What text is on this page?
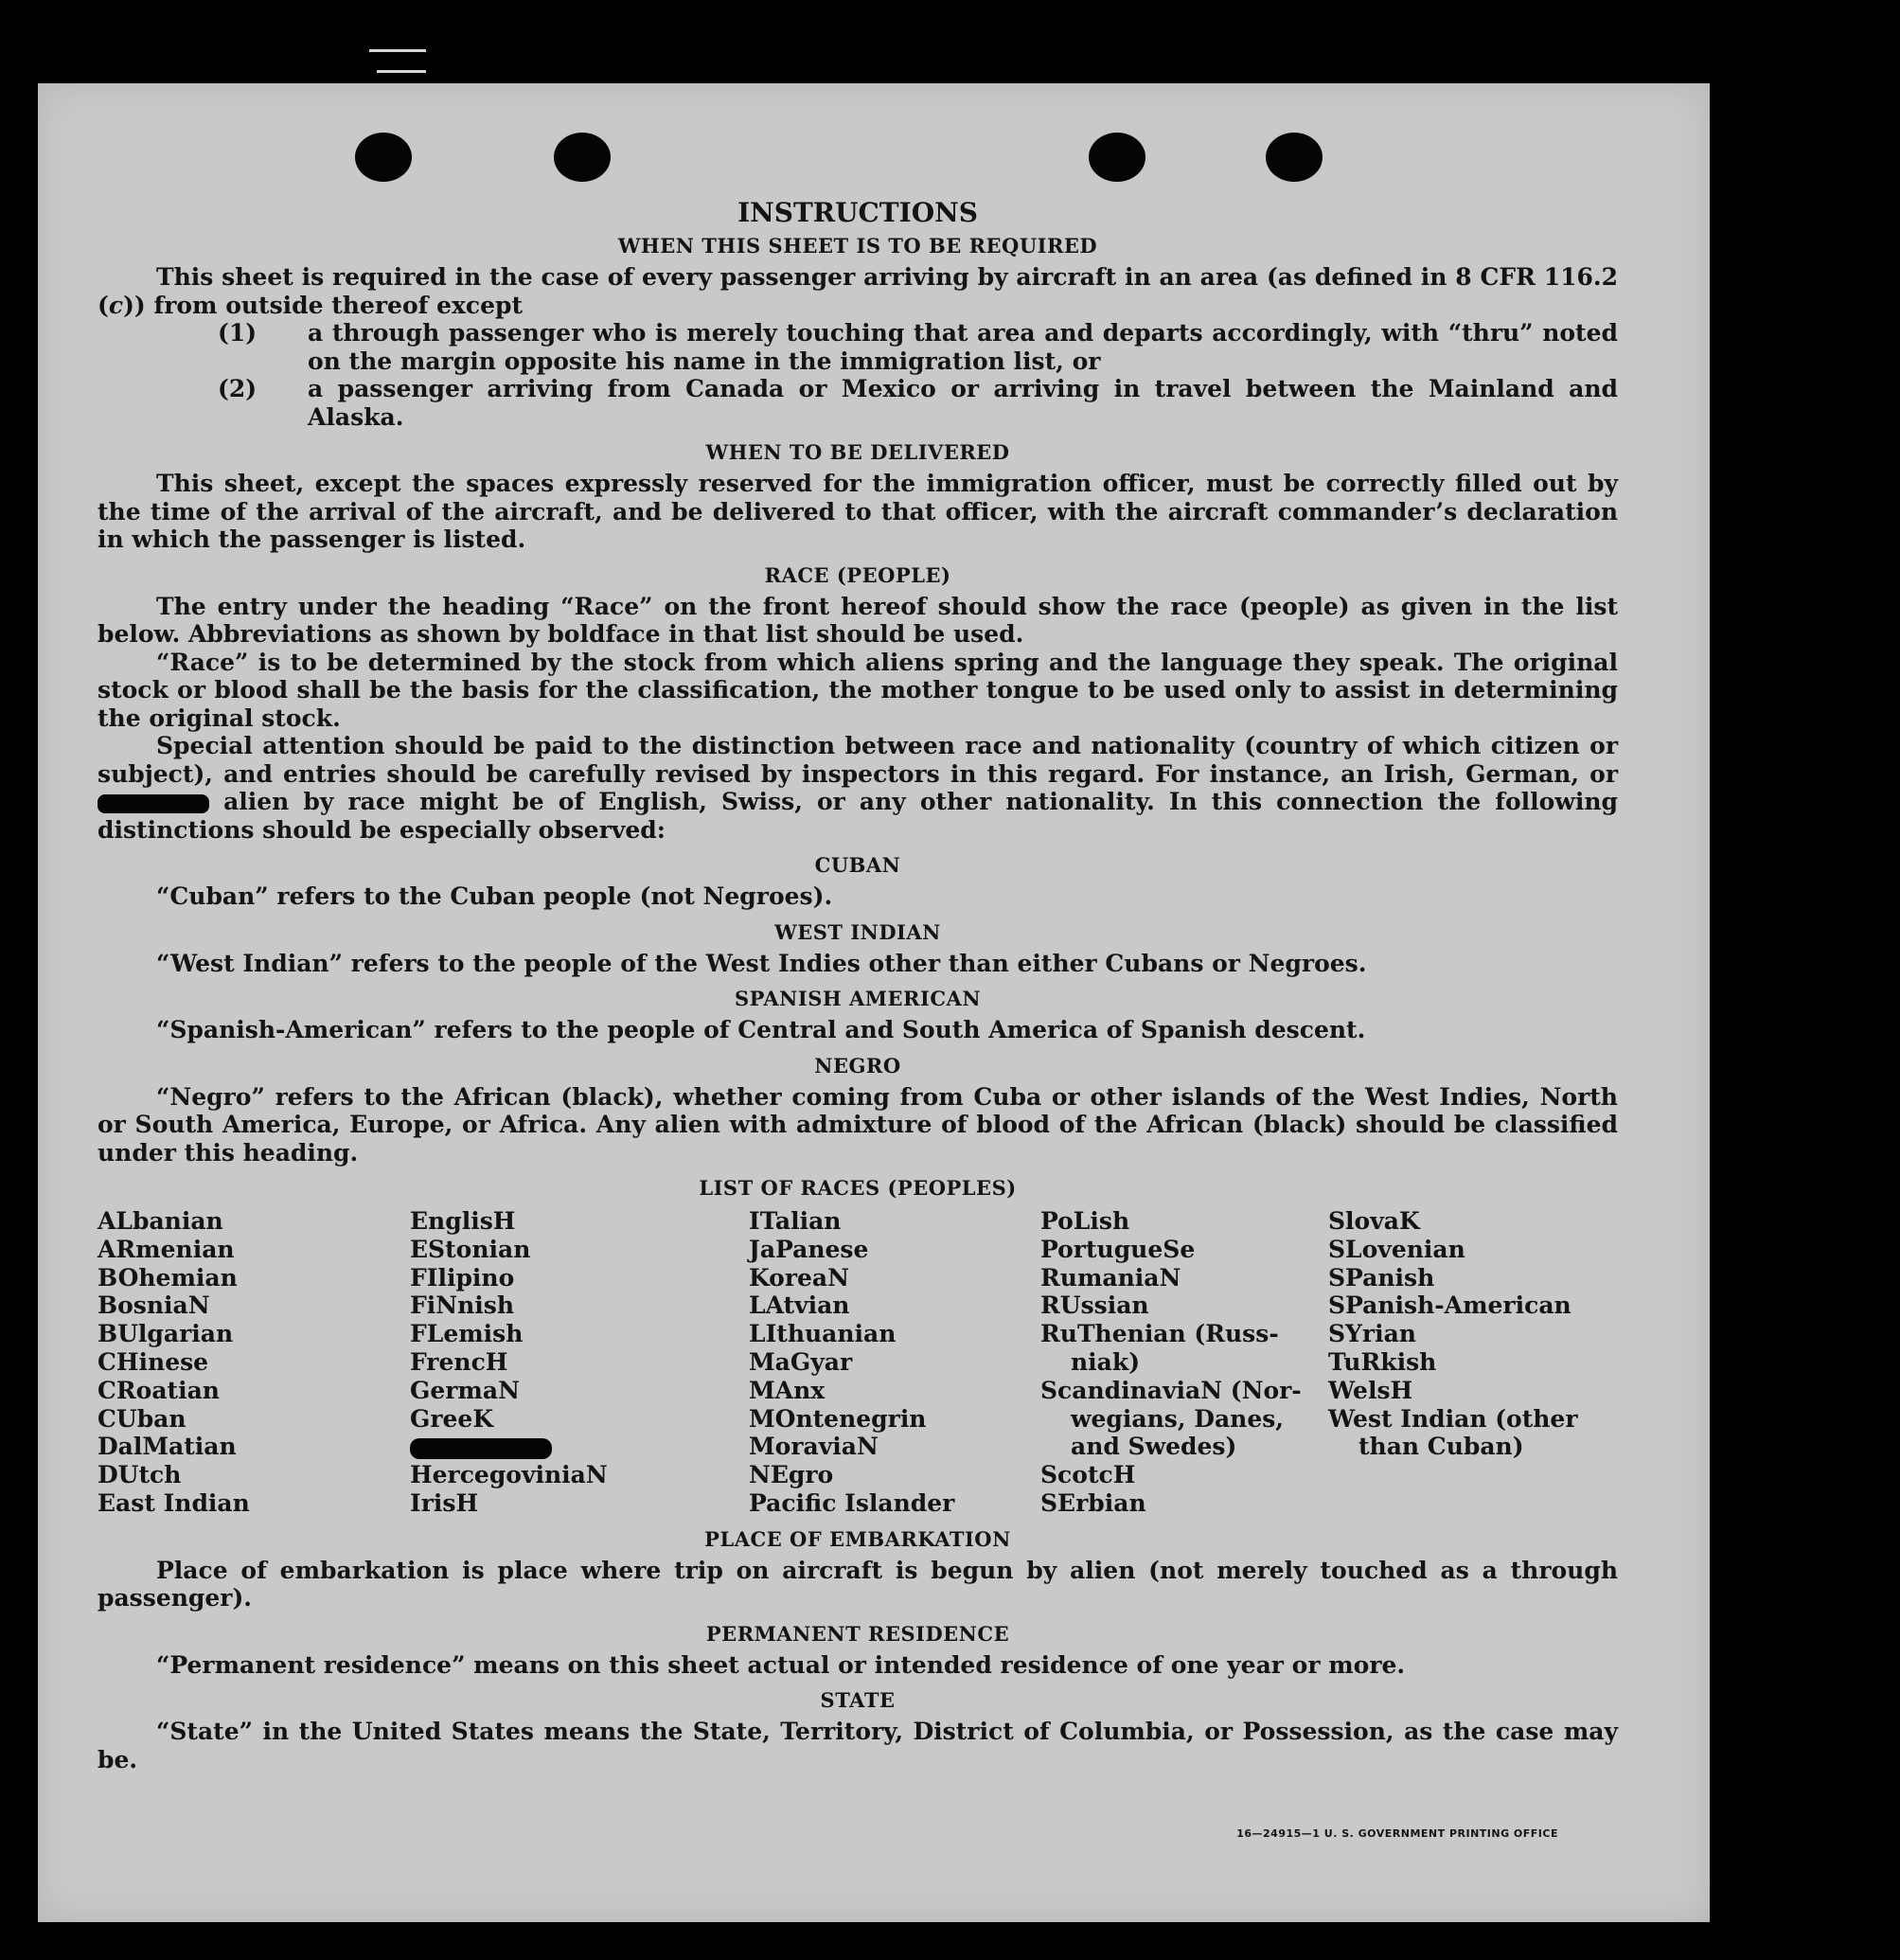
INSTRUCTIONS
WHEN THIS SHEET IS TO BE REQUIRED

This sheet is required in the case of every passenger arriving by aircraft in an area (as defined in 8 CFR 116.2 (c)) from outside thereof except

(1) a through passenger who is merely touching that area and departs accordingly, with “thru” noted on the margin opposite his name in the immigration list, or
(2) a passenger arriving from Canada or Mexico or arriving in travel between the Mainland and Alaska.
WHEN TO BE DELIVERED

This sheet, except the spaces expressly reserved for the immigration officer, must be correctly filled out by the time of the arrival of the aircraft, and be delivered to that officer, with the aircraft commander’s declaration in which the passenger is listed.

RACE (PEOPLE)

The entry under the heading “Race” on the front hereof should show the race (people) as given in the list below. Abbreviations as shown by boldface in that list should be used.

“Race” is to be determined by the stock from which aliens spring and the language they speak. The original stock or blood shall be the basis for the classification, the mother tongue to be used only to assist in determining the original stock.

Special attention should be paid to the distinction between race and nationality (country of which citizen or subject), and entries should be carefully revised by inspectors in this regard. For instance, an Irish, German, or  alien by race might be of English, Swiss, or any other nationality. In this connection the following distinctions should be especially observed:

CUBAN

“Cuban” refers to the Cuban people (not Negroes).

WEST INDIAN

“West Indian” refers to the people of the West Indies other than either Cubans or Negroes.

SPANISH AMERICAN

“Spanish-American” refers to the people of Central and South America of Spanish descent.

NEGRO

“Negro” refers to the African (black), whether coming from Cuba or other islands of the West Indies, North or South America, Europe, or Africa. Any alien with admixture of blood of the African (black) should be classified under this heading.

LIST OF RACES (PEOPLES)
ALbanian
ARmenian
BOhemian
BosniaN
BUlgarian
CHinese
CRoatian
CUban
DalMatian
DUtch
East Indian
EnglisH
EStonian
FIlipino
FiNnish
FLemish
FrencH
GermaN
GreeK
HercegoviniaN
IrisH
ITalian
JaPanese
KoreaN
LAtvian
LIthuanian
MaGyar
MAnx
MOntenegrin
MoraviaN
NEgro
Pacific Islander
PoLish
PortugueSe
RumaniaN
RUssian
RuThenian (Russ-
niak)
ScandinaviaN (Nor-
wegians, Danes,
and Swedes)
ScotcH
SErbian
SlovaK
SLovenian
SPanish
SPanish-American
SYrian
TuRkish
WelsH
West Indian (other
than Cuban)
PLACE OF EMBARKATION

Place of embarkation is place where trip on aircraft is begun by alien (not merely touched as a through passenger).

PERMANENT RESIDENCE

“Permanent residence” means on this sheet actual or intended residence of one year or more.

STATE

“State” in the United States means the State, Territory, District of Columbia, or Possession, as the case may be.

16—24915—1 U. S. GOVERNMENT PRINTING OFFICE
